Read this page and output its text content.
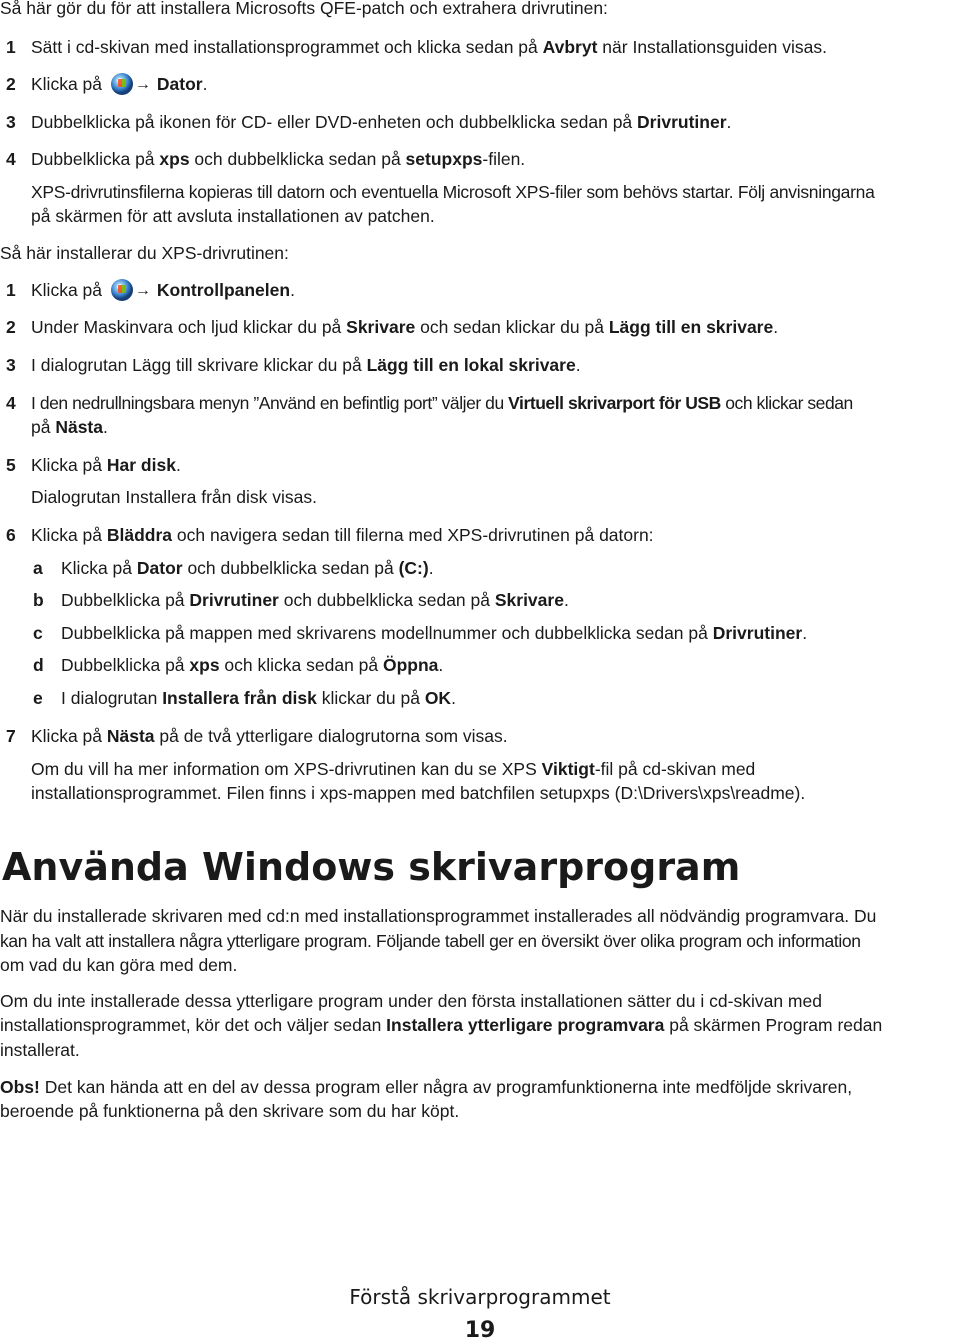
Så här gör du för att installera Microsofts QFE-patch och extrahera drivrutinen:
1 Sätt i cd-skivan med installationsprogrammet och klicka sedan på Avbryt när Installationsguiden visas.
2 Klicka på → Dator.
3 Dubbelklicka på ikonen för CD- eller DVD-enheten och dubbelklicka sedan på Drivrutiner.
4 Dubbelklicka på xps och dubbelklicka sedan på setupxps-filen.
XPS-drivrutinsfilerna kopieras till datorn och eventuella Microsoft XPS-filer som behövs startar. Följ anvisningarna
på skärmen för att avsluta installationen av patchen.
Så här installerar du XPS-drivrutinen:
1 Klicka på → Kontrollpanelen.
2 Under Maskinvara och ljud klickar du på Skrivare och sedan klickar du på Lägg till en skrivare.
3 I dialogrutan Lägg till skrivare klickar du på Lägg till en lokal skrivare.
4 I den nedrullningsbara menyn ”Använd en befintlig port” väljer du Virtuell skrivarport för USB och klickar sedan
på Nästa.
5 Klicka på Har disk.
Dialogrutan Installera från disk visas.
6 Klicka på Bläddra och navigera sedan till filerna med XPS-drivrutinen på datorn:
a Klicka på Dator och dubbelklicka sedan på (C:).
b Dubbelklicka på Drivrutiner och dubbelklicka sedan på Skrivare.
c Dubbelklicka på mappen med skrivarens modellnummer och dubbelklicka sedan på Drivrutiner.
d Dubbelklicka på xps och klicka sedan på Öppna.
e I dialogrutan Installera från disk klickar du på OK.
7 Klicka på Nästa på de två ytterligare dialogrutorna som visas.
Om du vill ha mer information om XPS-drivrutinen kan du se XPS Viktigt-fil på cd-skivan med
installationsprogrammet. Filen finns i xps-mappen med batchfilen setupxps (D:\Drivers\xps\readme).
Använda Windows skrivarprogram
När du installerade skrivaren med cd:n med installationsprogrammet installerades all nödvändig programvara. Du
kan ha valt att installera några ytterligare program. Följande tabell ger en översikt över olika program och information
om vad du kan göra med dem.
Om du inte installerade dessa ytterligare program under den första installationen sätter du i cd-skivan med
installationsprogrammet, kör det och väljer sedan Installera ytterligare programvara på skärmen Program redan
installerat.
Obs! Det kan hända att en del av dessa program eller några av programfunktionerna inte medföljde skrivaren,
beroende på funktionerna på den skrivare som du har köpt.
Förstå skrivarprogrammet
19
